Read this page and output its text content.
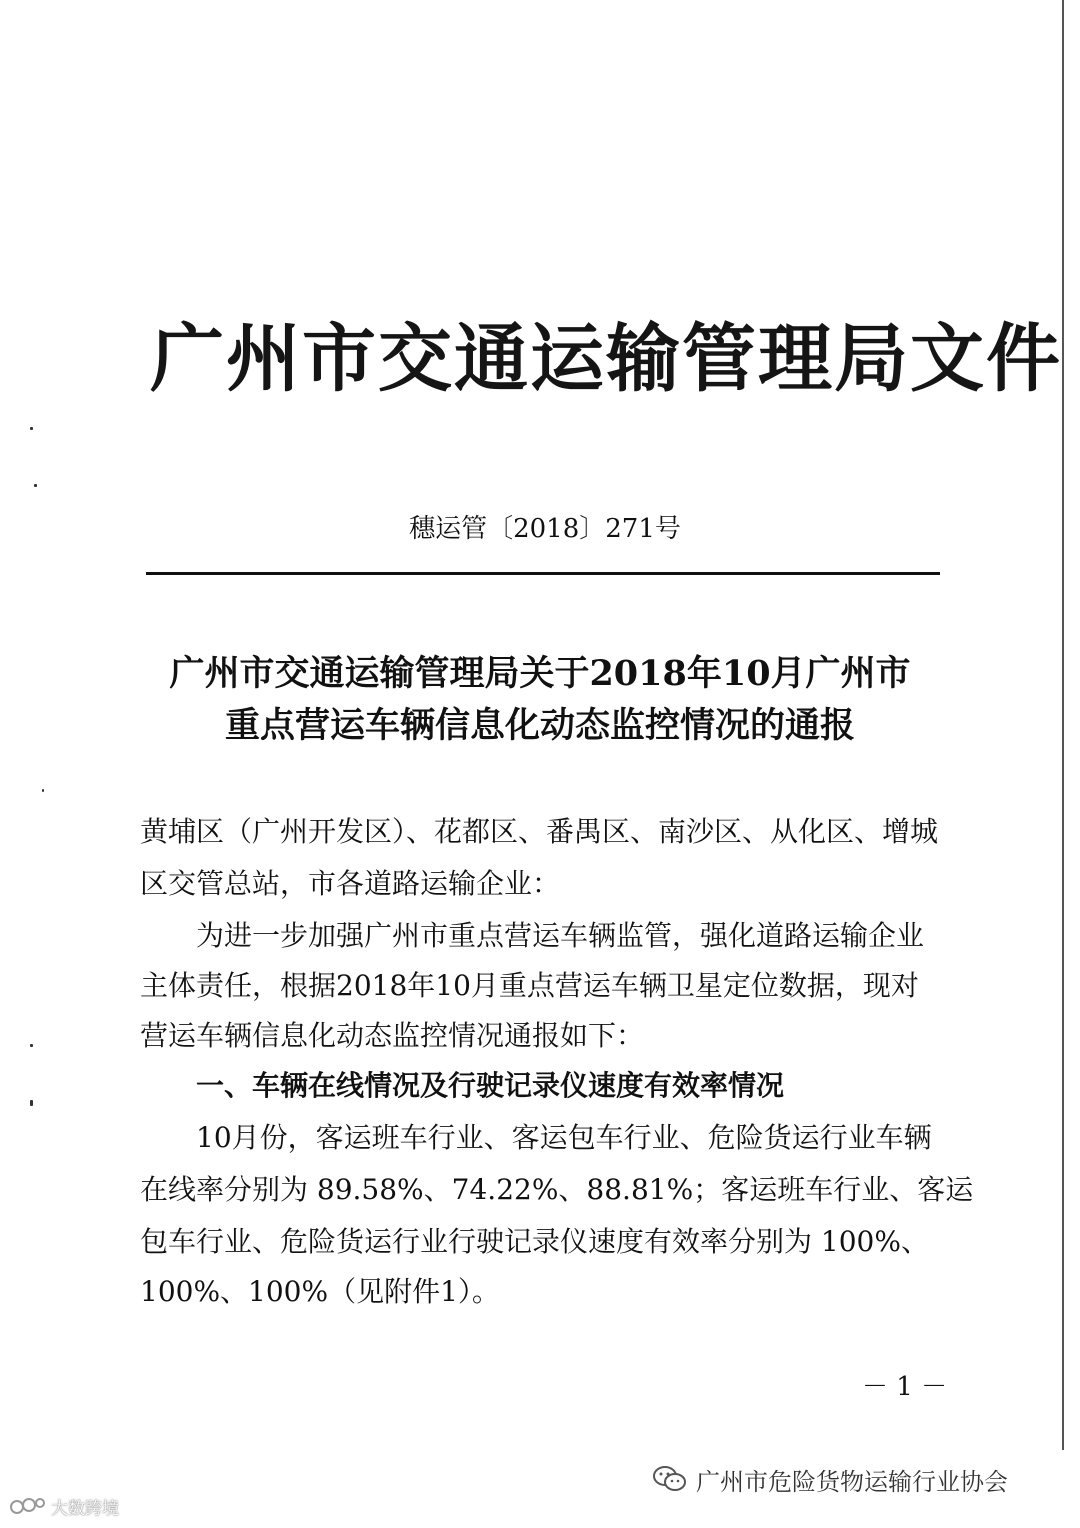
广州市交通运输管理局文件
穗运管〔2018〕271号
广州市交通运输管理局关于2018年10月广州市
重点营运车辆信息化动态监控情况的通报
黄埔区（广州开发区）、花都区、番禺区、南沙区、从化区、增城
区交管总站，市各道路运输企业：
　　为进一步加强广州市重点营运车辆监管，强化道路运输企业
主体责任，根据2018年10月重点营运车辆卫星定位数据，现对
营运车辆信息化动态监控情况通报如下：
　　一、车辆在线情况及行驶记录仪速度有效率情况
　　10月份，客运班车行业、客运包车行业、危险货运行业车辆
在线率分别为 89.58%、74.22%、88.81%；客运班车行业、客运
包车行业、危险货运行业行驶记录仪速度有效率分别为 100%、
100%、100%（见附件1）。
－ 1 －
大数跨境
广州市危险货物运输行业协会
